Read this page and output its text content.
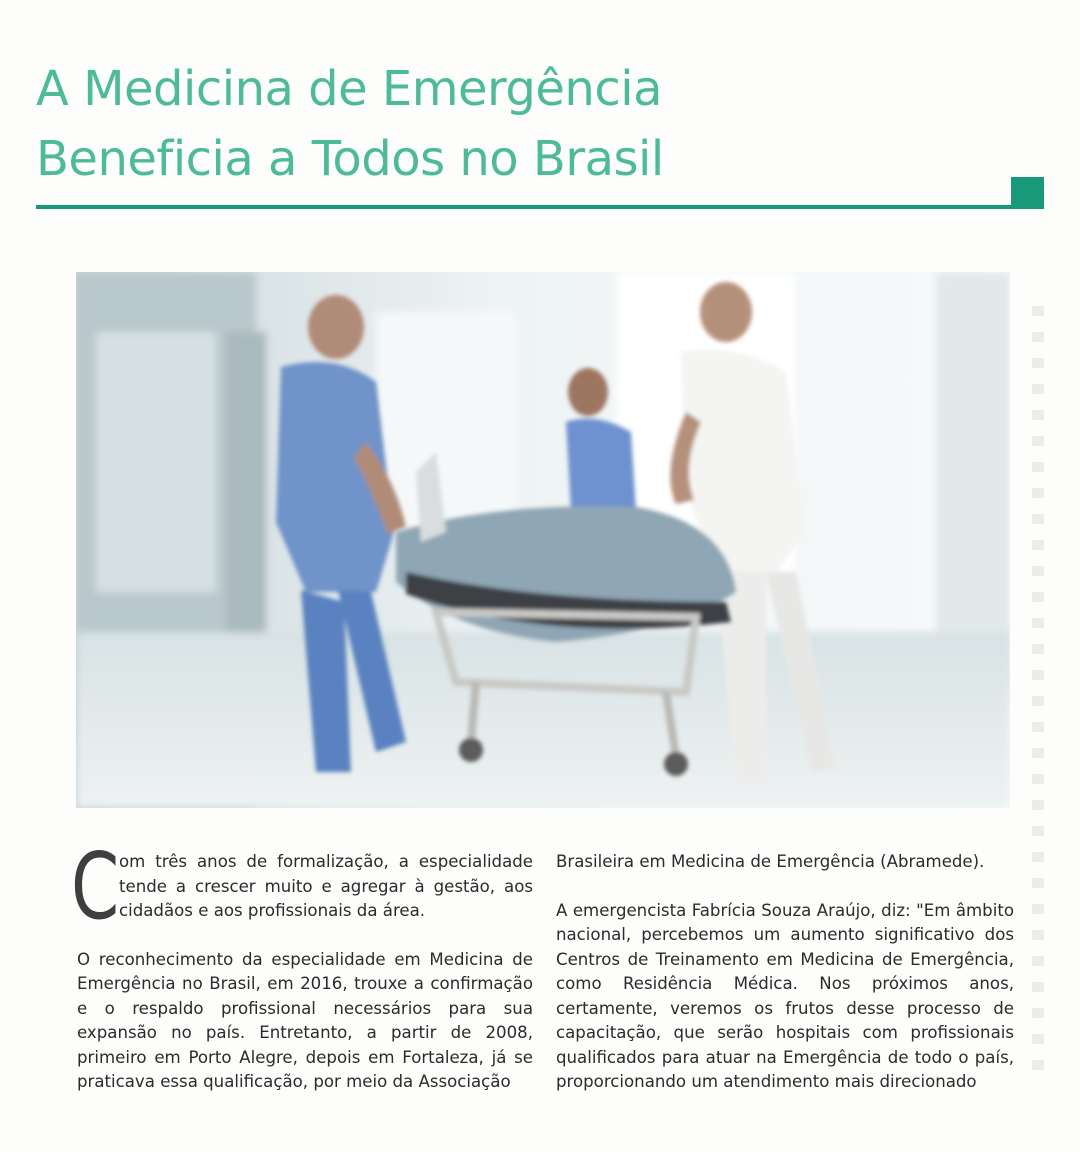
A Medicina de Emergência
Beneficia a Todos no Brasil

C om três anos de formalização, a especialidade tende a crescer muito e agregar à gestão, aos cidadãos e aos profissionais da área.

O reconhecimento da especialidade em Medicina de Emergência no Brasil, em 2016, trouxe a confirmação e o respaldo profissional necessários para sua expansão no país. Entretanto, a partir de 2008, primeiro em Porto Alegre, depois em Fortaleza, já se praticava essa qualificação, por meio da Associação

Brasileira em Medicina de Emergência (Abramede).

A emergencista Fabrícia Souza Araújo, diz: "Em âmbito nacional, percebemos um aumento significativo dos Centros de Treinamento em Medicina de Emergência, como Residência Médica. Nos próximos anos, certamente, veremos os frutos desse processo de capacitação, que serão hospitais com profissionais qualificados para atuar na Emergência de todo o país, proporcionando um atendimento mais direcionado
